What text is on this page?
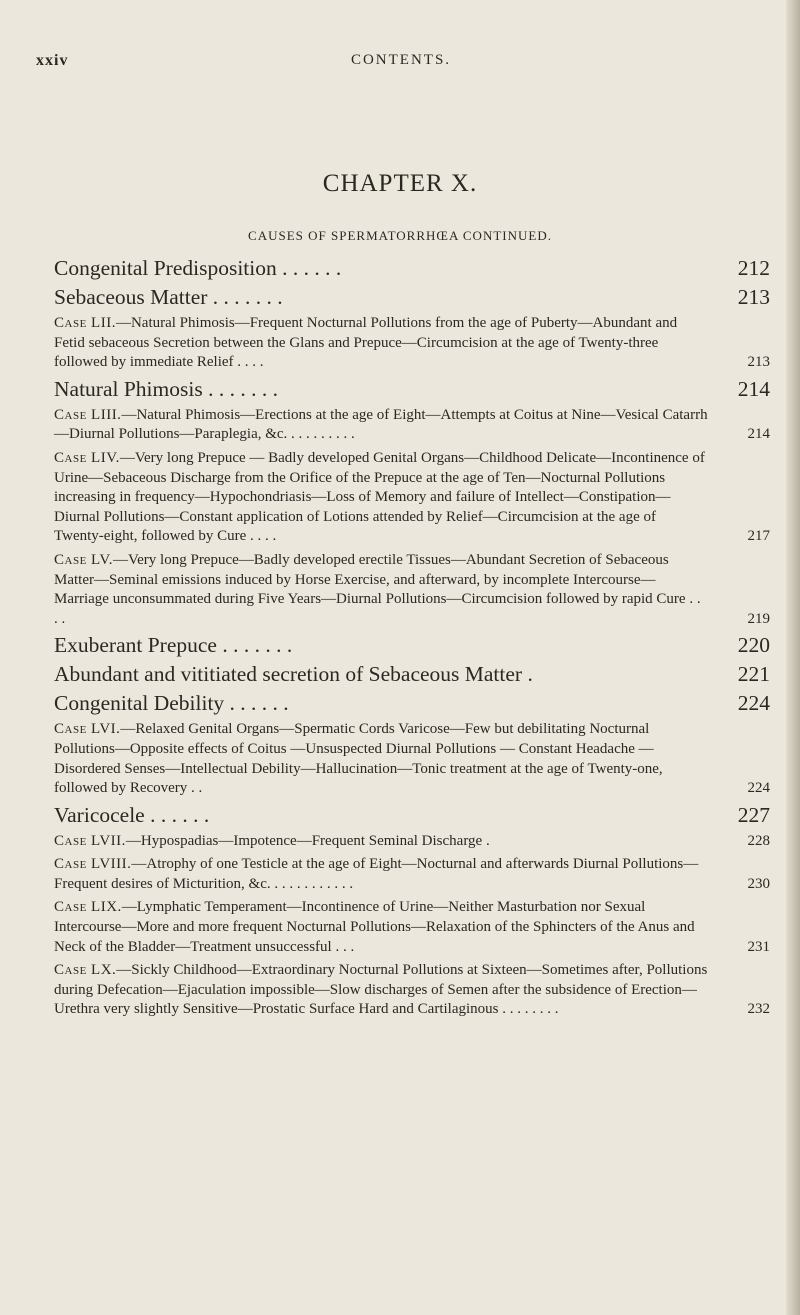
xxiv	CONTENTS.
CHAPTER X.
CAUSES OF SPERMATORRHŒA CONTINUED.
Congenital Predisposition . . . . . .	212
Sebaceous Matter . . . . . . .	213
Case LII.—Natural Phimosis—Frequent Nocturnal Pollutions from the age of Puberty—Abundant and Fetid sebaceous Secretion between the Glans and Prepuce—Circumcision at the age of Twenty-three followed by immediate Relief . . . .	213
Natural Phimosis . . . . . . .	214
Case LIII.—Natural Phimosis—Erections at the age of Eight—Attempts at Coitus at Nine—Vesical Catarrh—Diurnal Pollutions—Paraplegia, &c. . . . . . . . . .	214
Case LIV.—Very long Prepuce — Badly developed Genital Organs—Childhood Delicate—Incontinence of Urine—Sebaceous Discharge from the Orifice of the Prepuce at the age of Ten—Nocturnal Pollutions increasing in frequency—Hypochondriasis—Loss of Memory and failure of Intellect—Constipation—Diurnal Pollutions—Constant application of Lotions attended by Relief—Circumcision at the age of Twenty-eight, followed by Cure . . . .	217
Case LV.—Very long Prepuce—Badly developed erectile Tissues—Abundant Secretion of Sebaceous Matter—Seminal emissions induced by Horse Exercise, and afterward, by incomplete Intercourse—Marriage unconsummated during Five Years—Diurnal Pollutions—Circumcision followed by rapid Cure . . . .	219
Exuberant Prepuce . . . . . . .	220
Abundant and vititiated secretion of Sebaceous Matter .	221
Congenital Debility . . . . . .	224
Case LVI.—Relaxed Genital Organs—Spermatic Cords Varicose—Few but debilitating Nocturnal Pollutions—Opposite effects of Coitus —Unsuspected Diurnal Pollutions — Constant Headache — Disordered Senses—Intellectual Debility—Hallucination—Tonic treatment at the age of Twenty-one, followed by Recovery . .	224
Varicocele . . . . . .	227
Case LVII.—Hypospadias—Impotence—Frequent Seminal Discharge .	228
Case LVIII.—Atrophy of one Testicle at the age of Eight—Nocturnal and afterwards Diurnal Pollutions—Frequent desires of Micturition, &c. . . . . . . . . . . .	230
Case LIX.—Lymphatic Temperament—Incontinence of Urine—Neither Masturbation nor Sexual Intercourse—More and more frequent Nocturnal Pollutions—Relaxation of the Sphincters of the Anus and Neck of the Bladder—Treatment unsuccessful . . .	231
Case LX.—Sickly Childhood—Extraordinary Nocturnal Pollutions at Sixteen—Sometimes after, Pollutions during Defecation—Ejaculation impossible—Slow discharges of Semen after the subsidence of Erection—Urethra very slightly Sensitive—Prostatic Surface Hard and Cartilaginous . . . . . . . .	232
